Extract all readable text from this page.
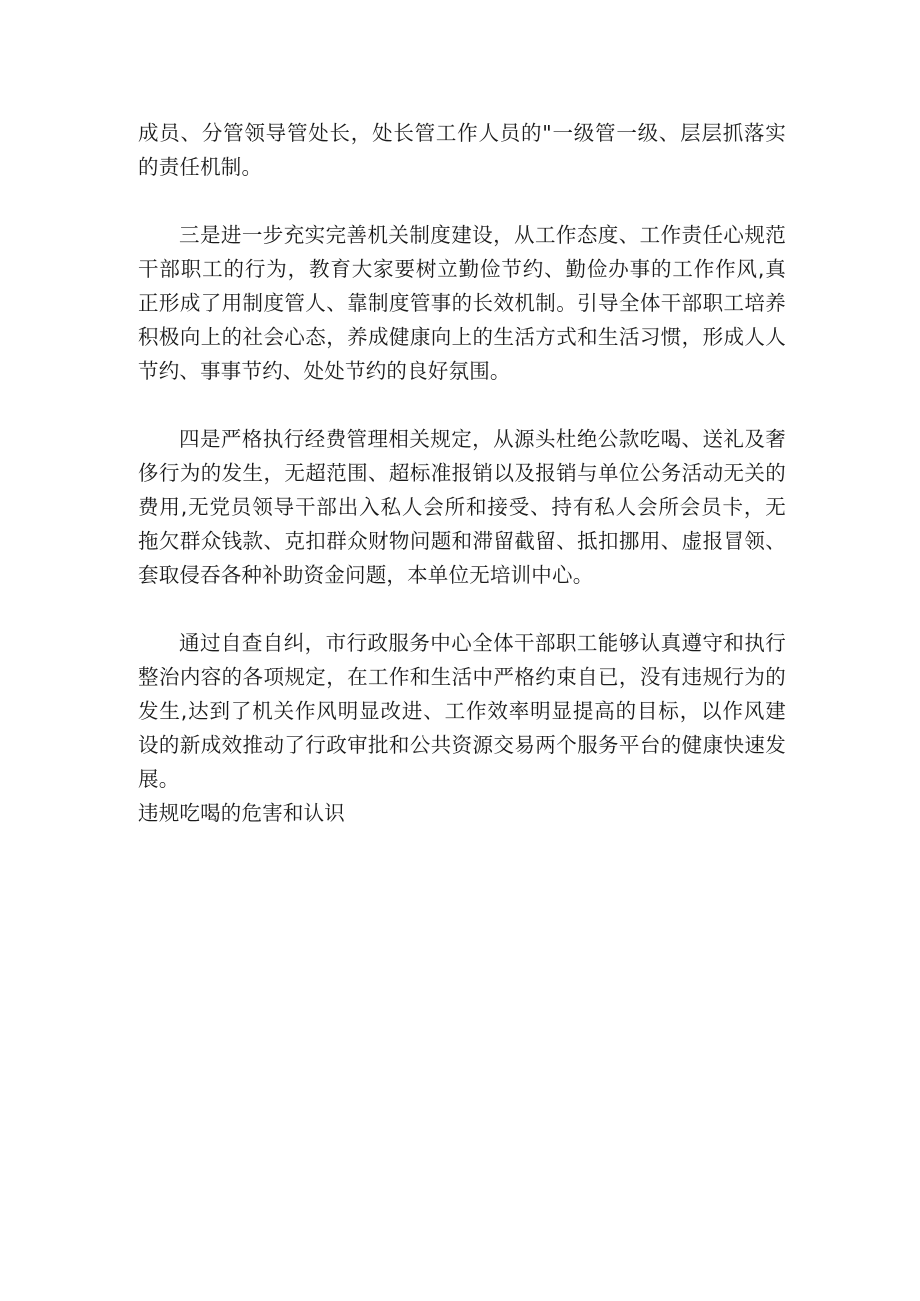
成员、分管领导管处长，处长管工作人员的"一级管一级、层层抓落实的责任机制。

三是进一步充实完善机关制度建设，从工作态度、工作责任心规范干部职工的行为，教育大家要树立勤俭节约、勤俭办事的工作作风,真正形成了用制度管人、靠制度管事的长效机制。引导全体干部职工培养积极向上的社会心态，养成健康向上的生活方式和生活习惯，形成人人节约、事事节约、处处节约的良好氛围。

四是严格执行经费管理相关规定，从源头杜绝公款吃喝、送礼及奢侈行为的发生，无超范围、超标准报销以及报销与单位公务活动无关的费用,无党员领导干部出入私人会所和接受、持有私人会所会员卡，无拖欠群众钱款、克扣群众财物问题和滞留截留、抵扣挪用、虚报冒领、套取侵吞各种补助资金问题，本单位无培训中心。

通过自查自纠，市行政服务中心全体干部职工能够认真遵守和执行整治内容的各项规定，在工作和生活中严格约束自已，没有违规行为的发生,达到了机关作风明显改进、工作效率明显提高的目标，以作风建设的新成效推动了行政审批和公共资源交易两个服务平台的健康快速发展。

违规吃喝的危害和认识
